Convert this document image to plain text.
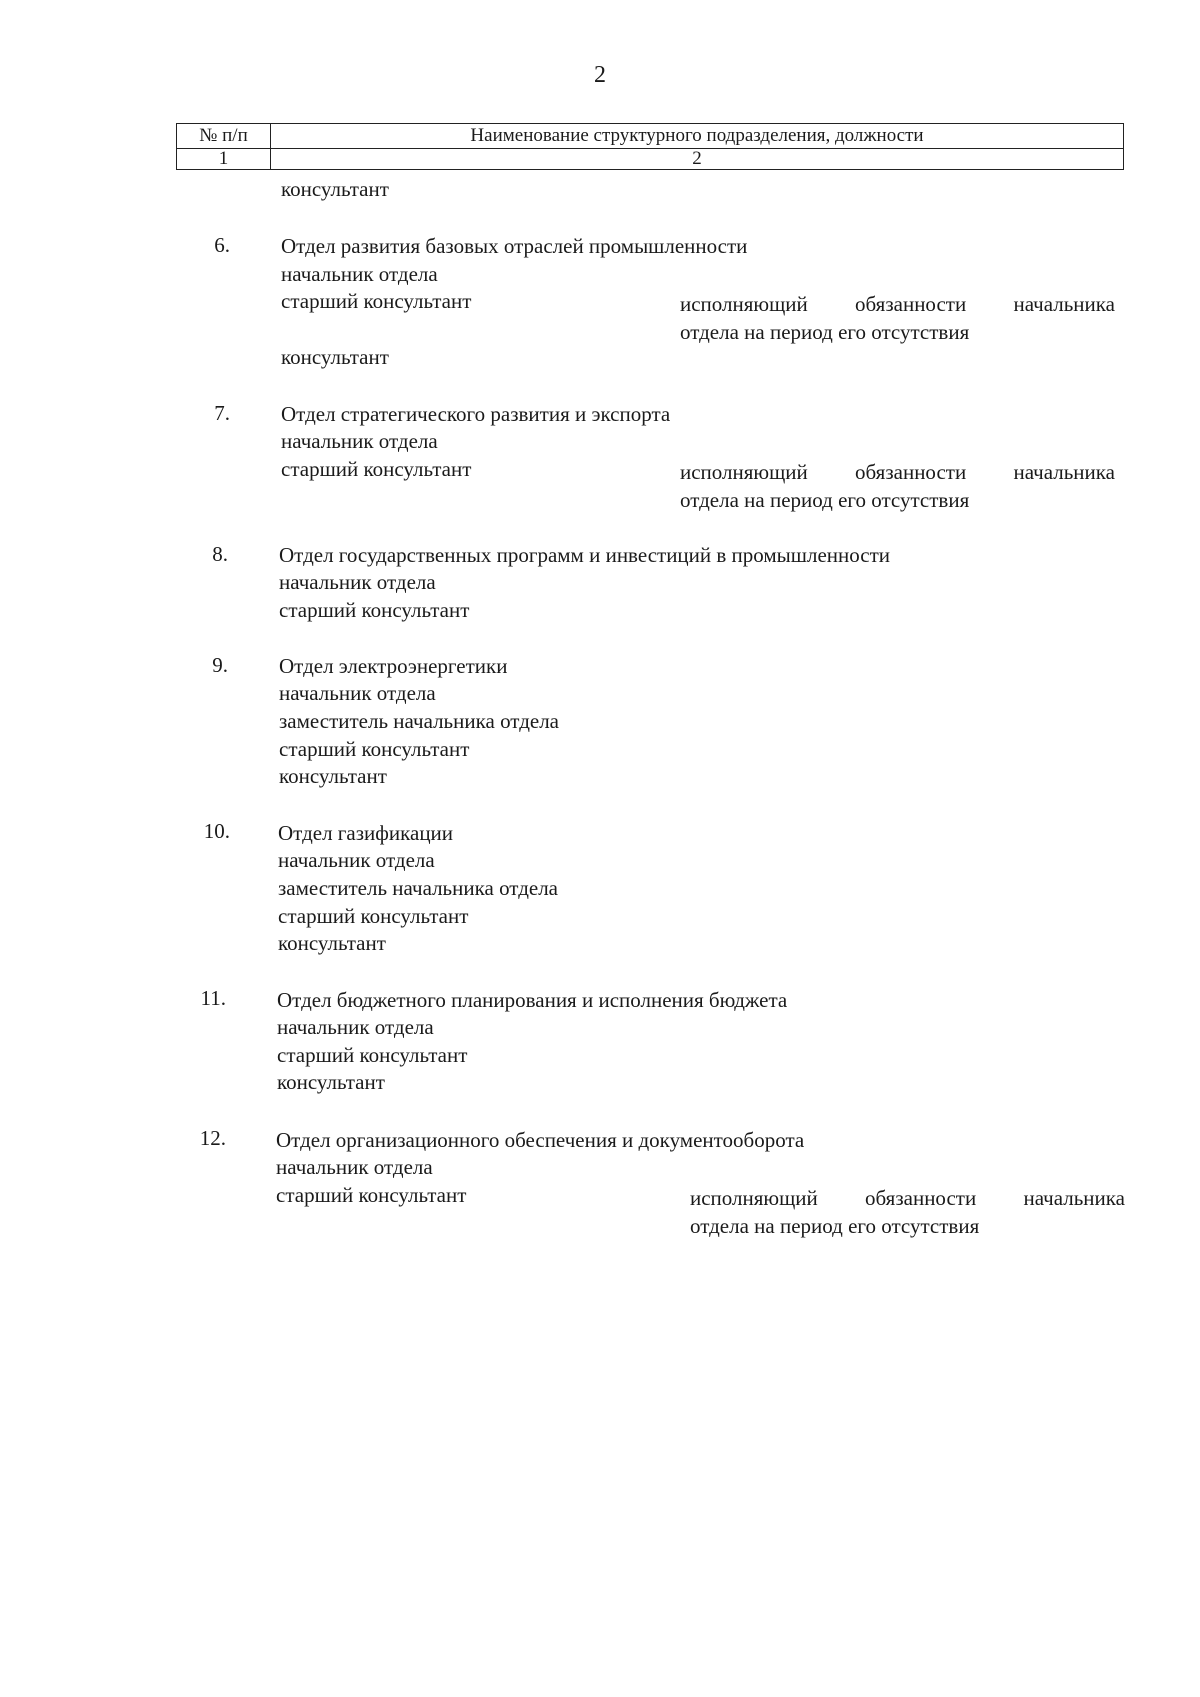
2
№ п/п	Наименование структурного подразделения, должности
1	2
консультант
6. Отдел развития базовых отраслей промышленности
начальник отдела
старший консультант	исполняющий обязанности начальника
отдела на период его отсутствия
консультант
7. Отдел стратегического развития и экспорта
начальник отдела
старший консультант	исполняющий обязанности начальника
отдела на период его отсутствия
8. Отдел государственных программ и инвестиций в промышленности
начальник отдела
старший консультант
9. Отдел электроэнергетики
начальник отдела
заместитель начальника отдела
старший консультант
консультант
10. Отдел газификации
начальник отдела
заместитель начальника отдела
старший консультант
консультант
11. Отдел бюджетного планирования и исполнения бюджета
начальник отдела
старший консультант
консультант
12. Отдел организационного обеспечения и документооборота
начальник отдела
старший консультант	исполняющий обязанности начальника
отдела на период его отсутствия
